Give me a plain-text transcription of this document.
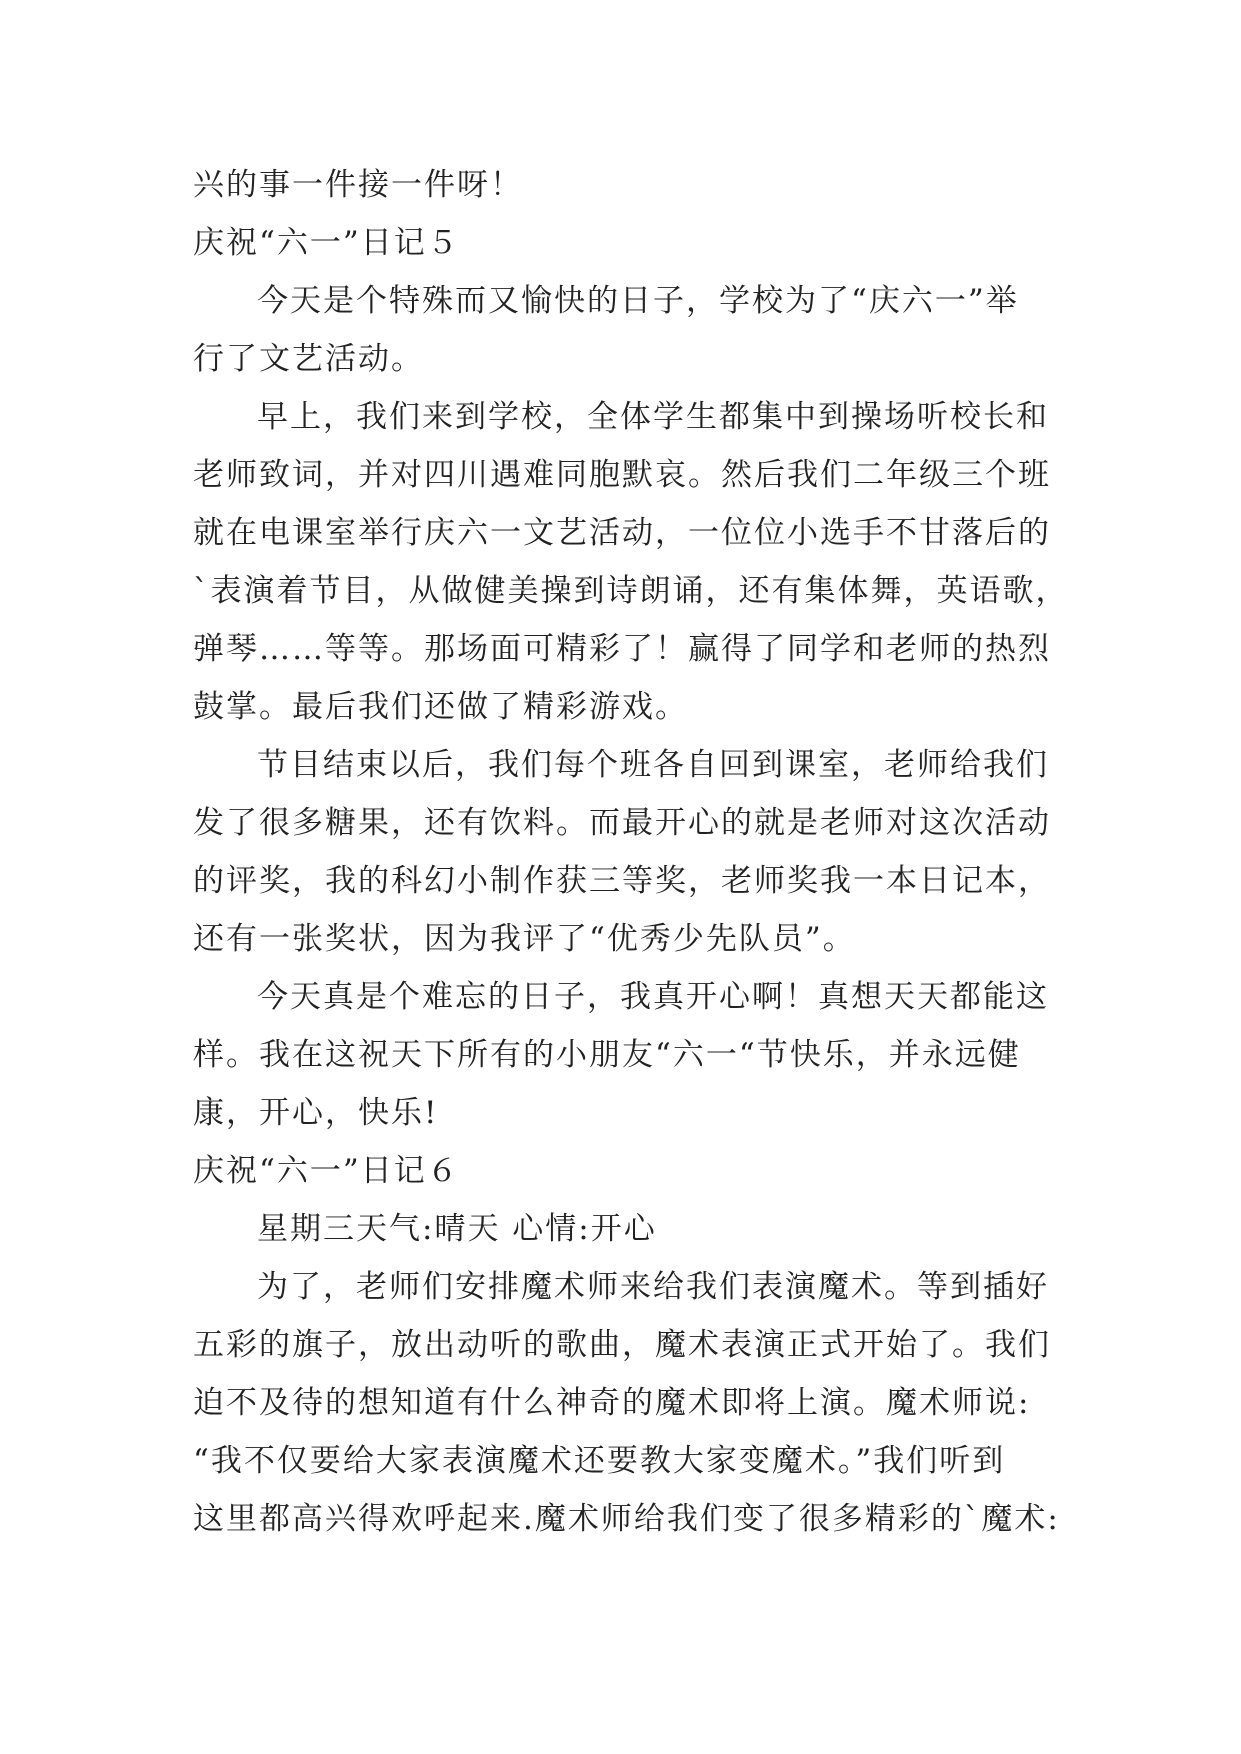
兴的事一件接一件呀！
庆祝“六一”日记５
今天是个特殊而又愉快的日子，学校为了“庆六一”举
行了文艺活动。
早上，我们来到学校，全体学生都集中到操场听校长和
老师致词，并对四川遇难同胞默哀。然后我们二年级三个班
就在电课室举行庆六一文艺活动，一位位小选手不甘落后的
`表演着节目，从做健美操到诗朗诵，还有集体舞，英语歌，
弹琴……等等。那场面可精彩了！赢得了同学和老师的热烈
鼓掌。最后我们还做了精彩游戏。
节目结束以后，我们每个班各自回到课室，老师给我们
发了很多糖果，还有饮料。而最开心的就是老师对这次活动
的评奖，我的科幻小制作获三等奖，老师奖我一本日记本，
还有一张奖状，因为我评了“优秀少先队员”。
今天真是个难忘的日子，我真开心啊！真想天天都能这
样。我在这祝天下所有的小朋友“六一“节快乐，并永远健
康，开心，快乐!
庆祝“六一”日记６
星期三天气:晴天 心情:开心
为了，老师们安排魔术师来给我们表演魔术。等到插好
五彩的旗子，放出动听的歌曲，魔术表演正式开始了。我们
迫不及待的想知道有什么神奇的魔术即将上演。魔术师说:
“我不仅要给大家表演魔术还要教大家变魔术。”我们听到
这里都高兴得欢呼起来.魔术师给我们变了很多精彩的`魔术:
